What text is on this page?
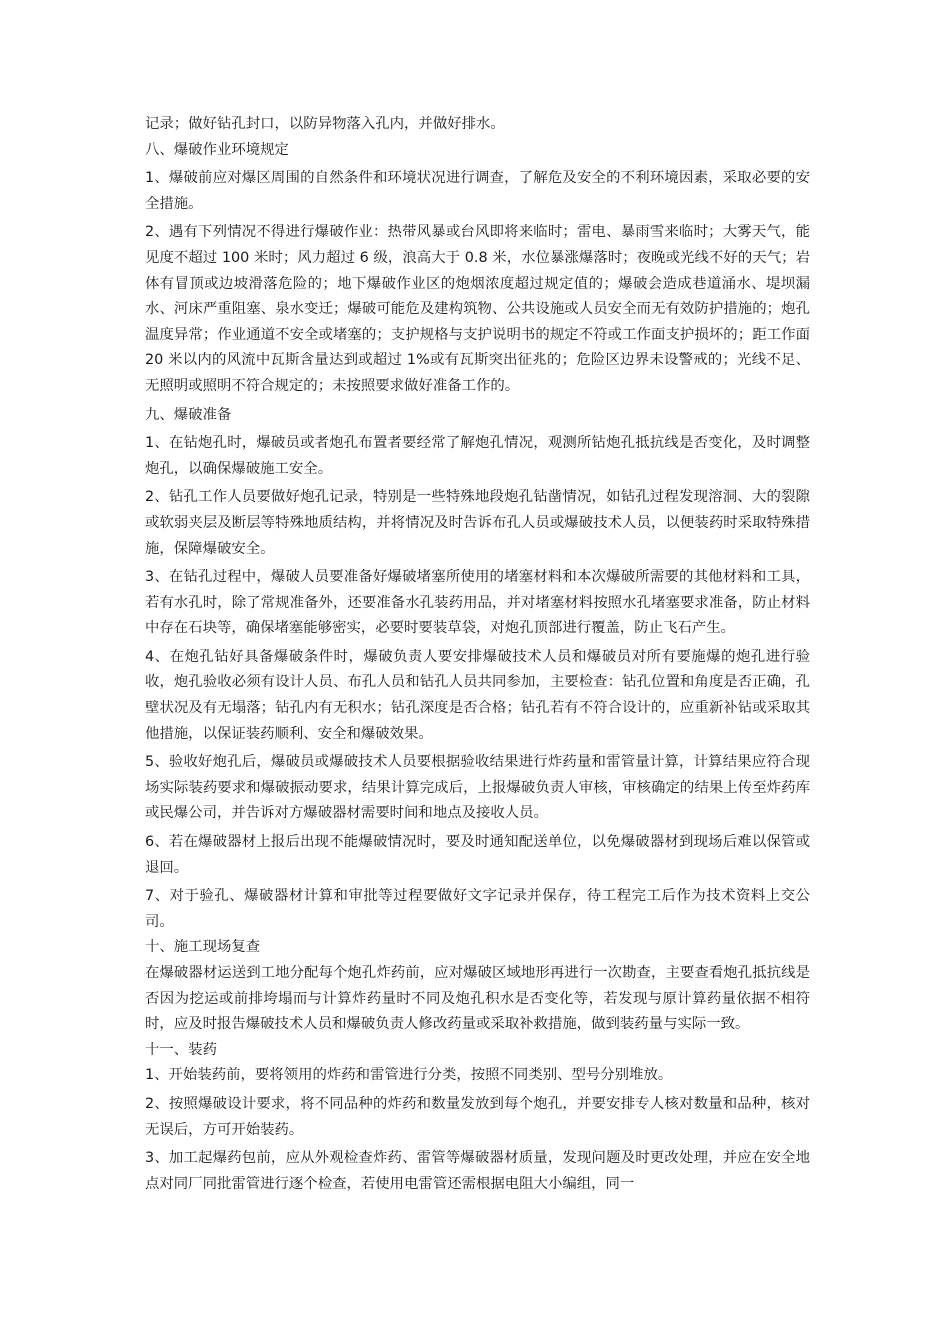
记录；做好钻孔封口，以防异物落入孔内，并做好排水。

八、爆破作业环境规定

1、爆破前应对爆区周围的自然条件和环境状况进行调查，了解危及安全的不利环境因素，采取必要的安全措施。

2、遇有下列情况不得进行爆破作业：热带风暴或台风即将来临时；雷电、暴雨雪来临时；大雾天气，能见度不超过 100 米时；风力超过 6 级，浪高大于 0.8 米，水位暴涨爆落时；夜晚或光线不好的天气；岩体有冒顶或边坡滑落危险的；地下爆破作业区的炮烟浓度超过规定值的；爆破会造成巷道涌水、堤坝漏水、河床严重阻塞、泉水变迁；爆破可能危及建构筑物、公共设施或人员安全而无有效防护措施的；炮孔温度异常；作业通道不安全或堵塞的；支护规格与支护说明书的规定不符或工作面支护损坏的；距工作面 20 米以内的风流中瓦斯含量达到或超过 1%或有瓦斯突出征兆的；危险区边界未设警戒的；光线不足、无照明或照明不符合规定的；未按照要求做好准备工作的。

九、爆破准备

1、在钻炮孔时，爆破员或者炮孔布置者要经常了解炮孔情况，观测所钻炮孔抵抗线是否变化，及时调整炮孔，以确保爆破施工安全。

2、钻孔工作人员要做好炮孔记录，特别是一些特殊地段炮孔钻凿情况，如钻孔过程发现溶洞、大的裂隙或软弱夹层及断层等特殊地质结构，并将情况及时告诉布孔人员或爆破技术人员，以便装药时采取特殊措施，保障爆破安全。

3、在钻孔过程中，爆破人员要准备好爆破堵塞所使用的堵塞材料和本次爆破所需要的其他材料和工具，若有水孔时，除了常规准备外，还要准备水孔装药用品，并对堵塞材料按照水孔堵塞要求准备，防止材料中存在石块等，确保堵塞能够密实，必要时要装草袋，对炮孔顶部进行覆盖，防止飞石产生。

4、在炮孔钻好具备爆破条件时，爆破负责人要安排爆破技术人员和爆破员对所有要施爆的炮孔进行验收，炮孔验收必须有设计人员、布孔人员和钻孔人员共同参加，主要检查：钻孔位置和角度是否正确，孔壁状况及有无塌落；钻孔内有无积水；钻孔深度是否合格；钻孔若有不符合设计的，应重新补钻或采取其他措施，以保证装药顺利、安全和爆破效果。

5、验收好炮孔后，爆破员或爆破技术人员要根据验收结果进行炸药量和雷管量计算，计算结果应符合现场实际装药要求和爆破振动要求，结果计算完成后，上报爆破负责人审核，审核确定的结果上传至炸药库或民爆公司，并告诉对方爆破器材需要时间和地点及接收人员。

6、若在爆破器材上报后出现不能爆破情况时，要及时通知配送单位，以免爆破器材到现场后难以保管或退回。

7、对于验孔、爆破器材计算和审批等过程要做好文字记录并保存，待工程完工后作为技术资料上交公司。

十、施工现场复查

在爆破器材运送到工地分配每个炮孔炸药前，应对爆破区域地形再进行一次勘查，主要查看炮孔抵抗线是否因为挖运或前排垮塌而与计算炸药量时不同及炮孔积水是否变化等，若发现与原计算药量依据不相符时，应及时报告爆破技术人员和爆破负责人修改药量或采取补救措施，做到装药量与实际一致。

十一、装药

1、开始装药前，要将领用的炸药和雷管进行分类，按照不同类别、型号分别堆放。

2、按照爆破设计要求，将不同品种的炸药和数量发放到每个炮孔，并要安排专人核对数量和品种，核对无误后，方可开始装药。

3、加工起爆药包前，应从外观检查炸药、雷管等爆破器材质量，发现问题及时更改处理，并应在安全地点对同厂同批雷管进行逐个检查，若使用电雷管还需根据电阻大小编组，同一
